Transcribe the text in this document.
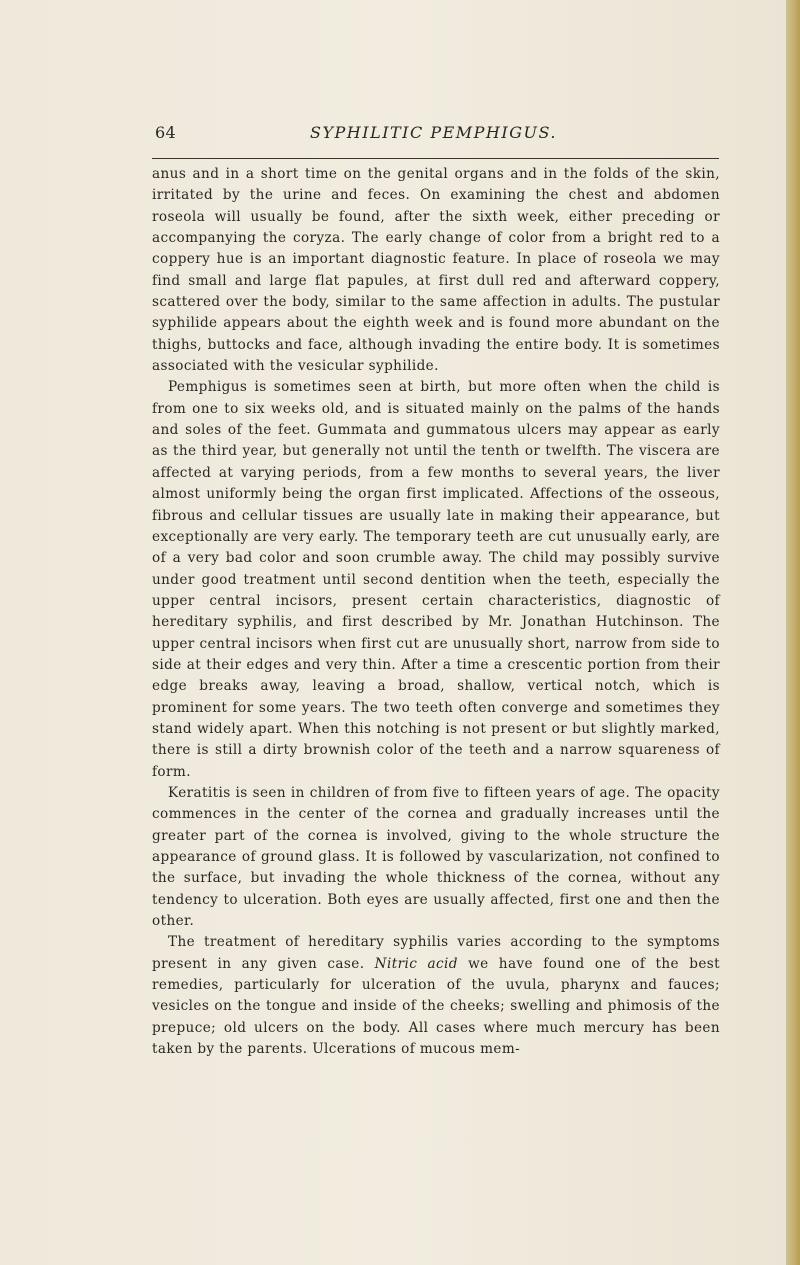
64	SYPHILITIC PEMPHIGUS.

anus and in a short time on the genital organs and in the folds of the skin, irritated by the urine and feces. On examining the chest and abdomen roseola will usually be found, after the sixth week, either preceding or accompanying the coryza. The early change of color from a bright red to a coppery hue is an important diagnostic feature. In place of roseola we may find small and large flat papules, at first dull red and afterward coppery, scattered over the body, similar to the same affection in adults. The pustular syphilide appears about the eighth week and is found more abundant on the thighs, buttocks and face, although invading the entire body. It is sometimes associated with the vesicular syphilide.

Pemphigus is sometimes seen at birth, but more often when the child is from one to six weeks old, and is situated mainly on the palms of the hands and soles of the feet. Gummata and gummatous ulcers may appear as early as the third year, but generally not until the tenth or twelfth. The viscera are affected at varying periods, from a few months to several years, the liver almost uniformly being the organ first implicated. Affections of the osseous, fibrous and cellular tissues are usually late in making their appearance, but exceptionally are very early. The temporary teeth are cut unusually early, are of a very bad color and soon crumble away. The child may possibly survive under good treatment until second dentition when the teeth, especially the upper central incisors, present certain characteristics, diagnostic of hereditary syphilis, and first described by Mr. Jonathan Hutchinson. The upper central incisors when first cut are unusually short, narrow from side to side at their edges and very thin. After a time a crescentic portion from their edge breaks away, leaving a broad, shallow, vertical notch, which is prominent for some years. The two teeth often converge and sometimes they stand widely apart. When this notching is not present or but slightly marked, there is still a dirty brownish color of the teeth and a narrow squareness of form.

Keratitis is seen in children of from five to fifteen years of age. The opacity commences in the center of the cornea and gradually increases until the greater part of the cornea is involved, giving to the whole structure the appearance of ground glass. It is followed by vascularization, not confined to the surface, but invading the whole thickness of the cornea, without any tendency to ulceration. Both eyes are usually affected, first one and then the other.

The treatment of hereditary syphilis varies according to the symptoms present in any given case. Nitric acid we have found one of the best remedies, particularly for ulceration of the uvula, pharynx and fauces; vesicles on the tongue and inside of the cheeks; swelling and phimosis of the prepuce; old ulcers on the body. All cases where much mercury has been taken by the parents. Ulcerations of mucous mem-
